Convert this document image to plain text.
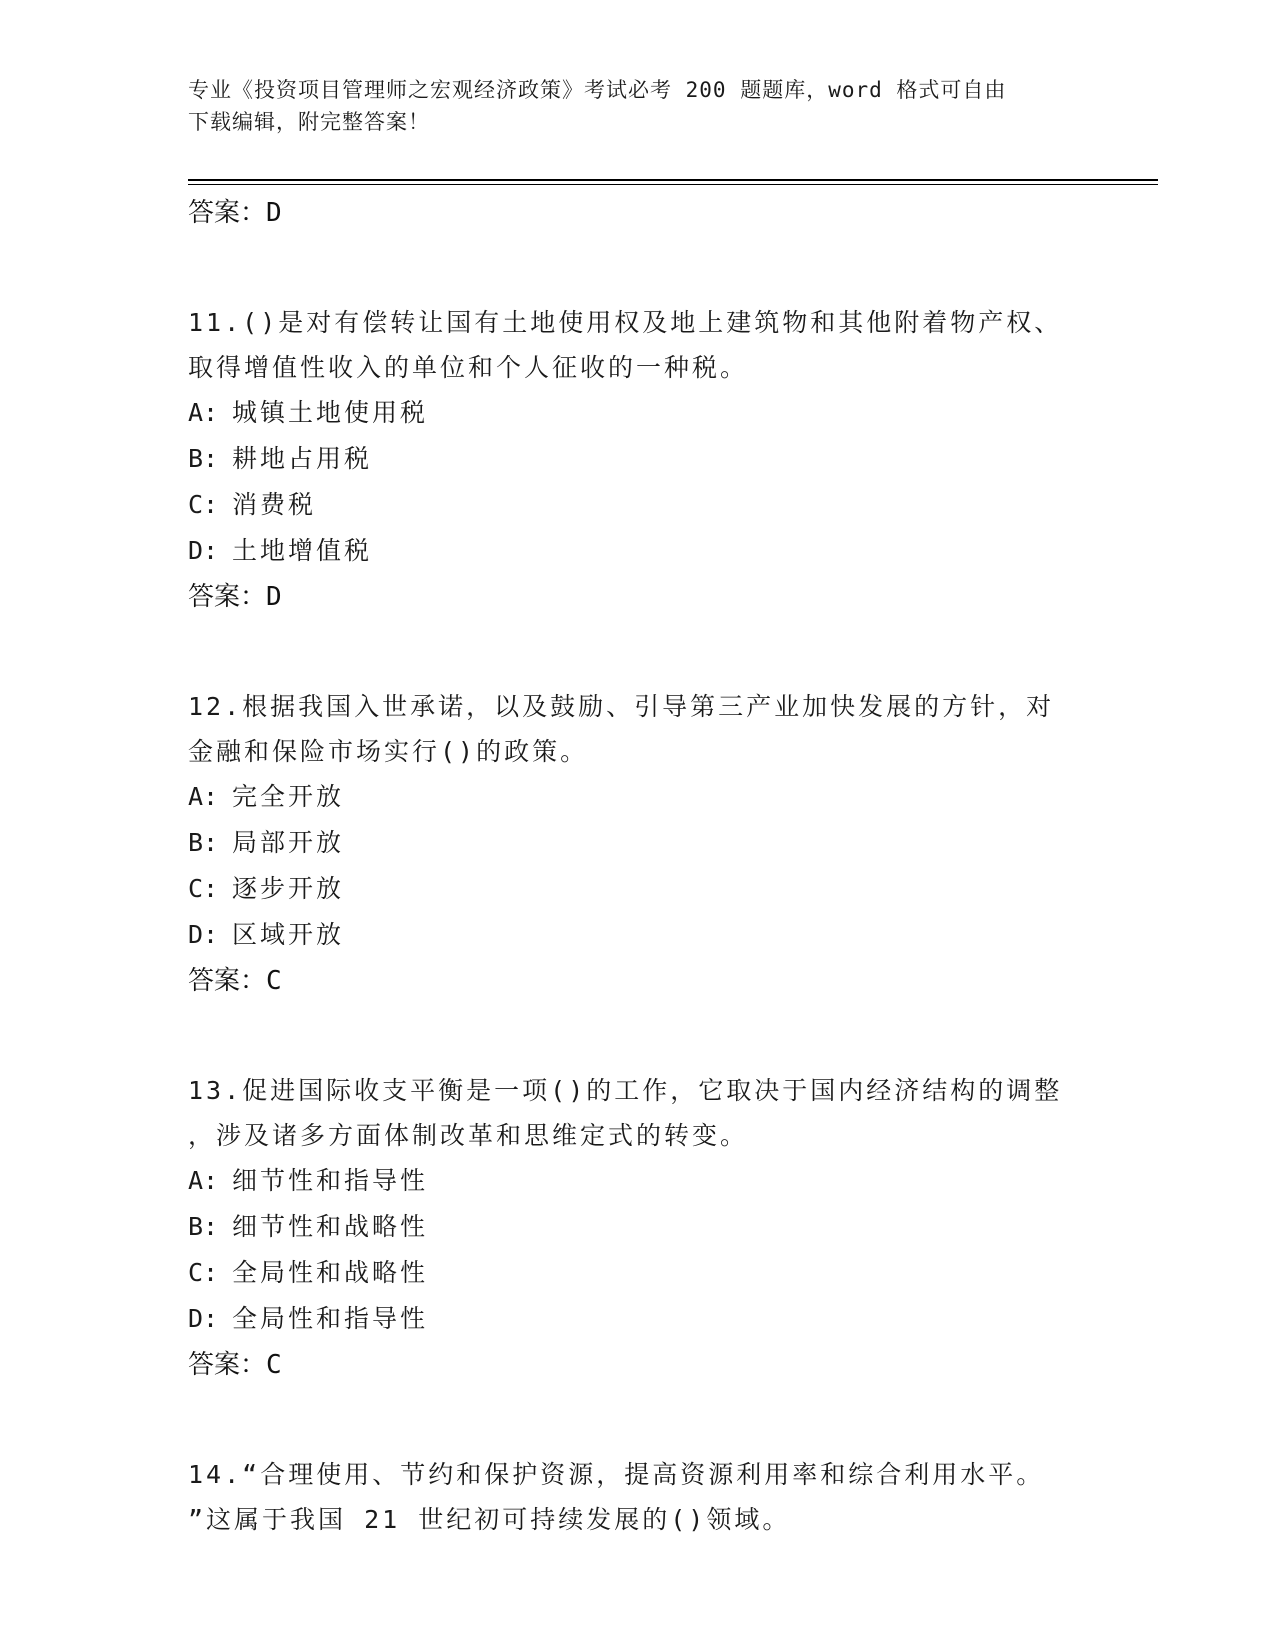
专业《投资项目管理师之宏观经济政策》考试必考 200 题题库，word 格式可自由
下载编辑，附完整答案！
答案：D
11.()是对有偿转让国有土地使用权及地上建筑物和其他附着物产权、
取得增值性收入的单位和个人征收的一种税。
A: 城镇土地使用税
B: 耕地占用税
C: 消费税
D: 土地增值税
答案：D
12.根据我国入世承诺，以及鼓励、引导第三产业加快发展的方针，对
金融和保险市场实行()的政策。
A: 完全开放
B: 局部开放
C: 逐步开放
D: 区域开放
答案：C
13.促进国际收支平衡是一项()的工作，它取决于国内经济结构的调整
，涉及诸多方面体制改革和思维定式的转变。
A: 细节性和指导性
B: 细节性和战略性
C: 全局性和战略性
D: 全局性和指导性
答案：C
14.“合理使用、节约和保护资源，提高资源利用率和综合利用水平。
”这属于我国 21 世纪初可持续发展的()领域。
